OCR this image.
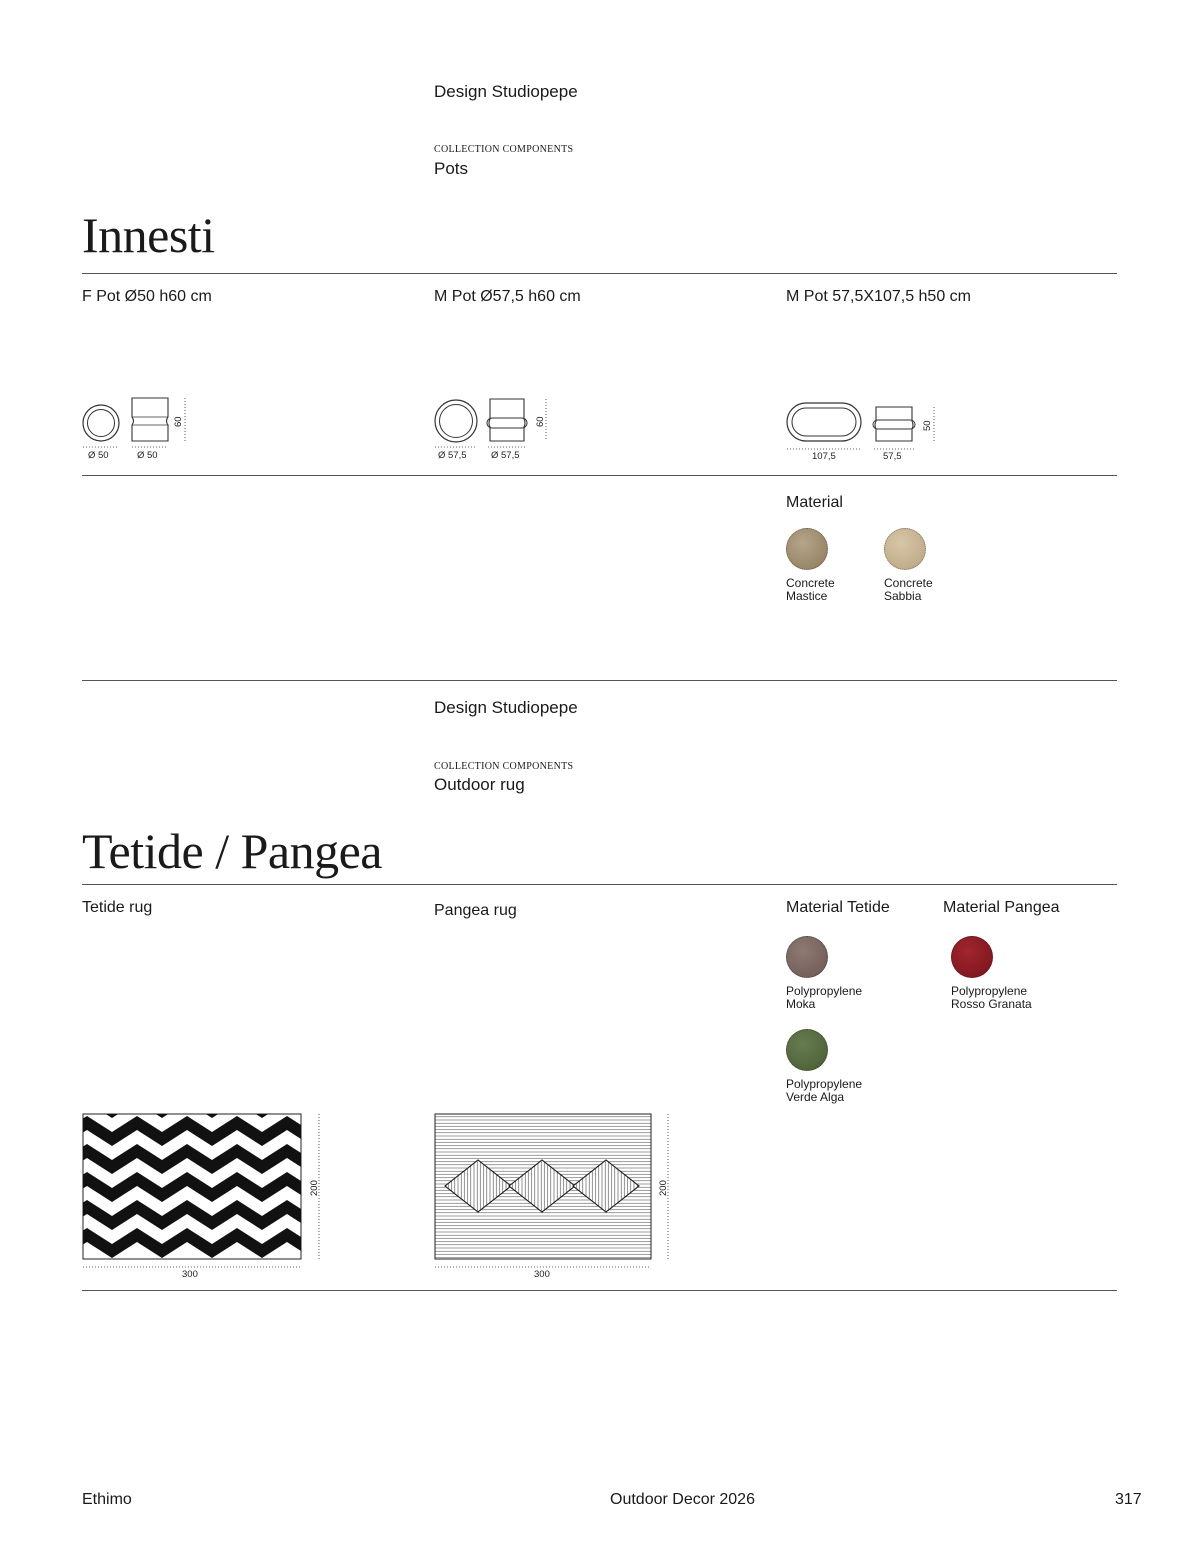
Design Studiopepe
COLLECTION COMPONENTS
Pots
Innesti
F Pot Ø50 h60 cm	M Pot Ø57,5 h60 cm	M Pot 57,5X107,5 h50 cm
Ø 50	Ø 50
60
Ø 57,5	Ø 57,5
60
107,5	57,5
50
Material
Concrete
Mastice
Concrete
Sabbia
Design Studiopepe
COLLECTION COMPONENTS
Outdoor rug
Tetide / Pangea
Tetide rug	Pangea rug	Material Tetide	Material Pangea
Polypropylene
Moka
Polypropylene
Verde Alga
Polypropylene
Rosso Granata
300
200
300
200
Ethimo	Outdoor Decor 2026	317
